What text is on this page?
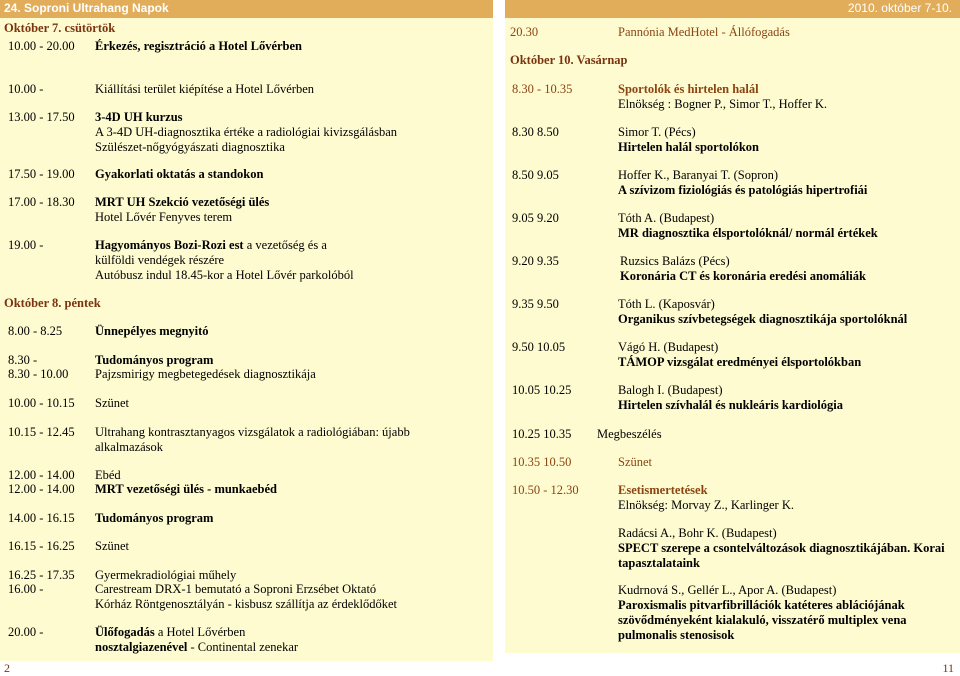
24. Soproni Ultrahang Napok	2010. október 7-10.
Október 7. csütörtök
10.00 - 20.00 Érkezés, regisztráció a Hotel Lővérben
10.00 -	Kiállítási terület kiépítése a Hotel Lővérben
13.00 - 17.50 3-4D UH kurzus
A 3-4D UH-diagnosztika értéke a radiológiai kivizsgálásban
Szülészet-nőgyógyászati diagnosztika
17.50 - 19.00 Gyakorlati oktatás a standokon
17.00 - 18.30 MRT UH Szekció vezetőségi ülés
Hotel Lővér Fenyves terem
19.00 -	Hagyományos Bozi-Rozi est a vezetőség és a
külföldi vendégek részére
Autóbusz indul 18.45-kor a Hotel Lővér parkolóból
Október 8. péntek
8.00 - 8.25	Ünnepélyes megnyitó
8.30 -	Tudományos program
8.30 - 10.00 Pajzsmirigy megbetegedések diagnosztikája
10.00 - 10.15 Szünet
10.15 - 12.45 Ultrahang kontrasztanyagos vizsgálatok a radiológiában: újabb
alkalmazások
12.00 - 14.00 Ebéd
12.00 - 14.00 MRT vezetőségi ülés - munkaebéd
14.00 - 16.15 Tudományos program
16.15 - 16.25 Szünet
16.25 - 17.35 Gyermekradiológiai műhely
16.00 -	Carestream DRX-1 bemutató a Soproni Erzsébet Oktató
Kórház Röntgenosztályán - kisbusz szállítja az érdeklődőket
20.00 -	Ülőfogadás a Hotel Lővérben
nosztalgiazenével - Continental zenekar
2
20.30	Pannónia MedHotel - Állófogadás
Október 10. Vasárnap
8.30 - 10.35	Sportolók és hirtelen halál
Elnökség : Bogner P., Simor T., Hoffer K.
8.30 8.50	Simor T. (Pécs)
Hirtelen halál sportolókon
8.50 9.05	Hoffer K., Baranyai T. (Sopron)
A szívizom fiziológiás és patológiás hipertrofiái
9.05 9.20	Tóth A. (Budapest)
MR diagnosztika élsportolóknál/ normál értékek
9.20 9.35	Ruzsics Balázs (Pécs)
Koronária CT és koronária eredési anomáliák
9.35 9.50	Tóth L. (Kaposvár)
Organikus szívbetegségek diagnosztikája sportolóknál
9.50 10.05	Vágó H. (Budapest)
TÁMOP vizsgálat eredményei élsportolókban
10.05 10.25	Balogh I. (Budapest)
Hirtelen szívhalál és nukleáris kardiológia
10.25 10.35 Megbeszélés
10.35 10.50	Szünet
10.50 - 12.30	Esetismertetések
Elnökség: Morvay Z., Karlinger K.
Radácsi A., Bohr K. (Budapest)
SPECT szerepe a csontelváltozások diagnosztikájában. Korai
tapasztalataink
Kudrnová S., Gellér L., Apor A. (Budapest)
Paroxismalis pitvarfibrillációk katéteres ablációjának
szövődményeként kialakuló, visszatérő multiplex vena
pulmonalis stenosisok
11
